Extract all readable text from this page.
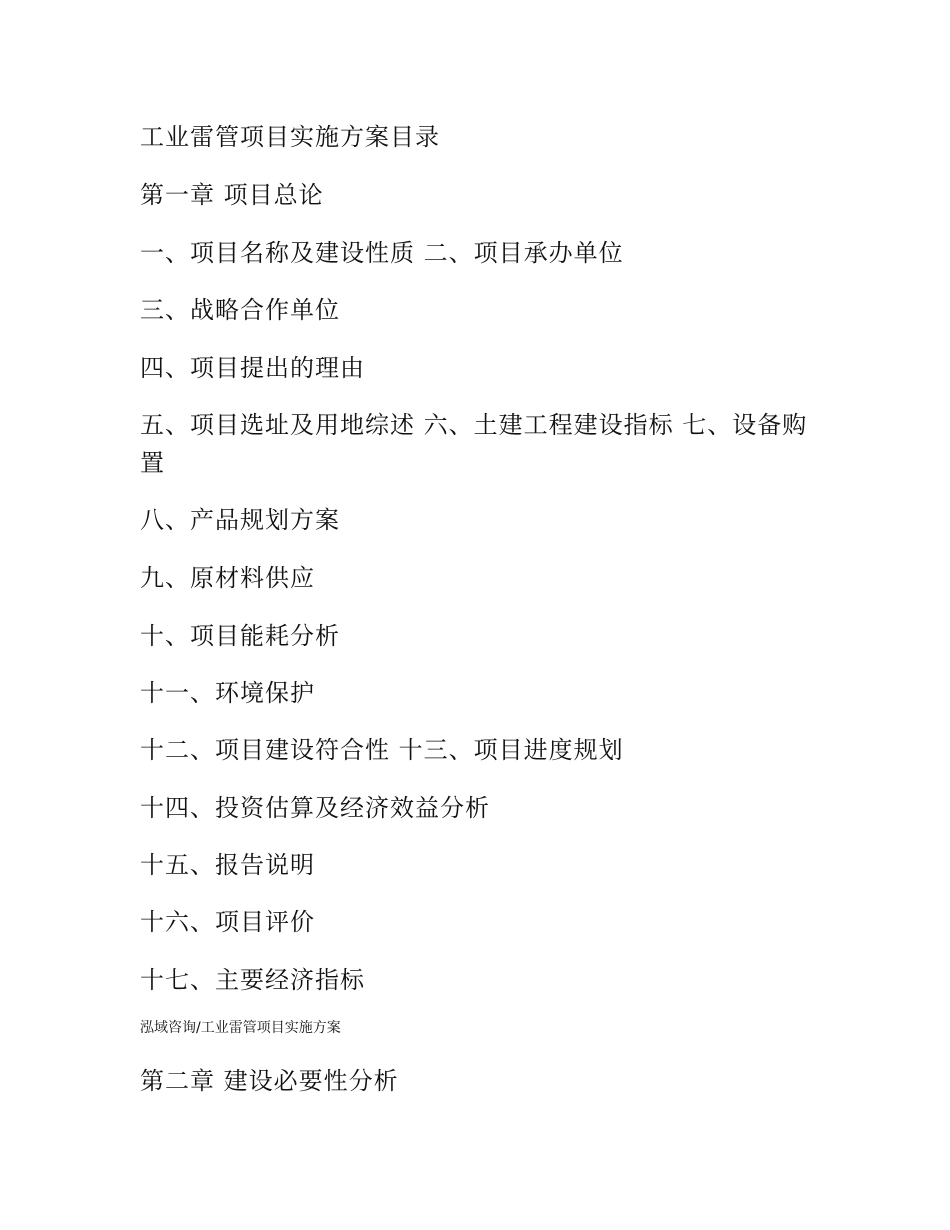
工业雷管项目实施方案目录
第一章 项目总论
一、项目名称及建设性质 二、项目承办单位
三、战略合作单位
四、项目提出的理由
五、项目选址及用地综述 六、土建工程建设指标 七、设备购置
八、产品规划方案
九、原材料供应
十、项目能耗分析
十一、环境保护
十二、项目建设符合性 十三、项目进度规划
十四、投资估算及经济效益分析
十五、报告说明
十六、项目评价
十七、主要经济指标
泓域咨询/工业雷管项目实施方案
第二章 建设必要性分析
